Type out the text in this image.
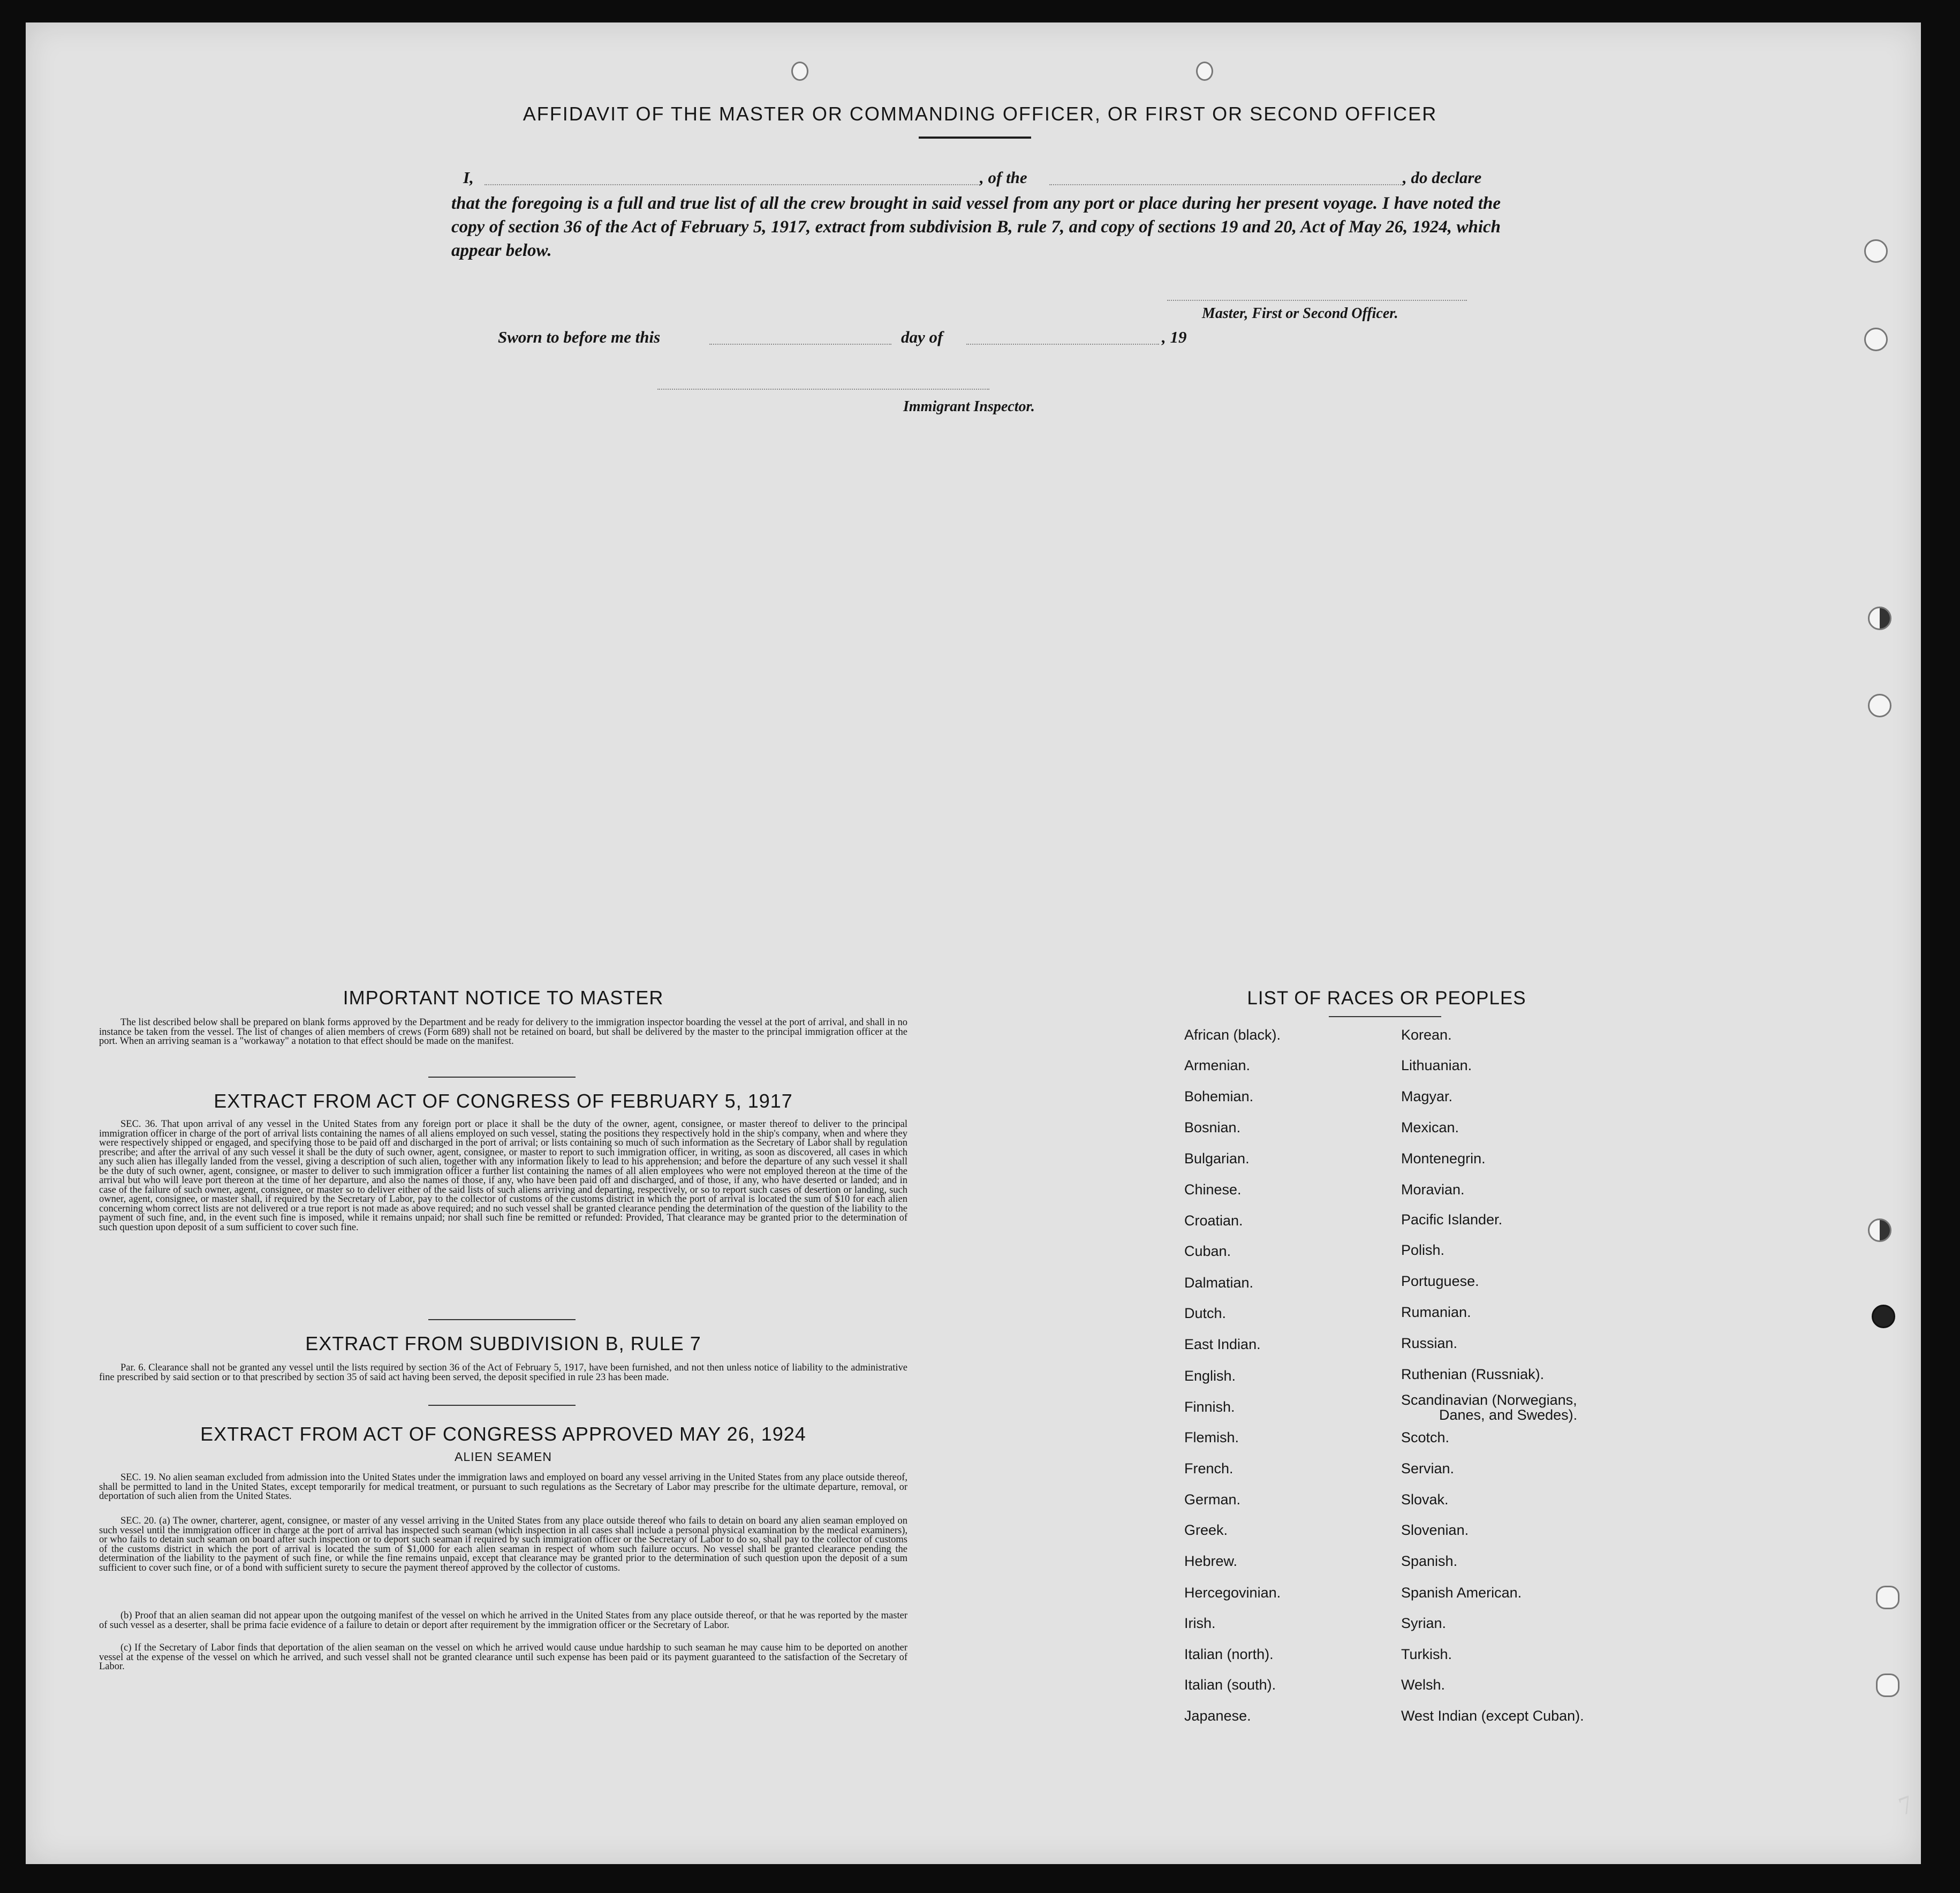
AFFIDAVIT OF THE MASTER OR COMMANDING OFFICER, OR FIRST OR SECOND OFFICER
I,	, of the	, do declare
that the foregoing is a full and true list of all the crew brought in said vessel from any port or place during her present voyage. I have noted the copy of section 36 of the Act of February 5, 1917, extract from subdivision B, rule 7, and copy of sections 19 and 20, Act of May 26, 1924, which appear below.
Master, First or Second Officer.
Sworn to before me this	day of	, 19
Immigrant Inspector.
IMPORTANT NOTICE TO MASTER
The list described below shall be prepared on blank forms approved by the Department and be ready for delivery to the immigration inspector boarding the vessel at the port of arrival, and shall in no instance be taken from the vessel. The list of changes of alien members of crews (Form 689) shall not be retained on board, but shall be delivered by the master to the principal immigration officer at the port. When an arriving seaman is a "workaway" a notation to that effect should be made on the manifest.
EXTRACT FROM ACT OF CONGRESS OF FEBRUARY 5, 1917
SEC. 36. That upon arrival of any vessel in the United States from any foreign port or place it shall be the duty of the owner, agent, consignee, or master thereof to deliver to the principal immigration officer in charge of the port of arrival lists containing the names of all aliens employed on such vessel, stating the positions they respectively hold in the ship's company, when and where they were respectively shipped or engaged, and specifying those to be paid off and discharged in the port of arrival; or lists containing so much of such information as the Secretary of Labor shall by regulation prescribe; and after the arrival of any such vessel it shall be the duty of such owner, agent, consignee, or master to report to such immigration officer, in writing, as soon as discovered, all cases in which any such alien has illegally landed from the vessel, giving a description of such alien, together with any information likely to lead to his apprehension; and before the departure of any such vessel it shall be the duty of such owner, agent, consignee, or master to deliver to such immigration officer a further list containing the names of all alien employees who were not employed thereon at the time of the arrival but who will leave port thereon at the time of her departure, and also the names of those, if any, who have been paid off and discharged, and of those, if any, who have deserted or landed; and in case of the failure of such owner, agent, consignee, or master so to deliver either of the said lists of such aliens arriving and departing, respectively, or so to report such cases of desertion or landing, such owner, agent, consignee, or master shall, if required by the Secretary of Labor, pay to the collector of customs of the customs district in which the port of arrival is located the sum of $10 for each alien concerning whom correct lists are not delivered or a true report is not made as above required; and no such vessel shall be granted clearance pending the determination of the question of the liability to the payment of such fine, and, in the event such fine is imposed, while it remains unpaid; nor shall such fine be remitted or refunded: Provided, That clearance may be granted prior to the determination of such question upon deposit of a sum sufficient to cover such fine.
EXTRACT FROM SUBDIVISION B, RULE 7
Par. 6. Clearance shall not be granted any vessel until the lists required by section 36 of the Act of February 5, 1917, have been furnished, and not then unless notice of liability to the administrative fine prescribed by said section or to that prescribed by section 35 of said act having been served, the deposit specified in rule 23 has been made.
EXTRACT FROM ACT OF CONGRESS APPROVED MAY 26, 1924
ALIEN SEAMEN
SEC. 19. No alien seaman excluded from admission into the United States under the immigration laws and employed on board any vessel arriving in the United States from any place outside thereof, shall be permitted to land in the United States, except temporarily for medical treatment, or pursuant to such regulations as the Secretary of Labor may prescribe for the ultimate departure, removal, or deportation of such alien from the United States.
SEC. 20. (a) The owner, charterer, agent, consignee, or master of any vessel arriving in the United States from any place outside thereof who fails to detain on board any alien seaman employed on such vessel until the immigration officer in charge at the port of arrival has inspected such seaman (which inspection in all cases shall include a personal physical examination by the medical examiners), or who fails to detain such seaman on board after such inspection or to deport such seaman if required by such immigration officer or the Secretary of Labor to do so, shall pay to the collector of customs of the customs district in which the port of arrival is located the sum of $1,000 for each alien seaman in respect of whom such failure occurs. No vessel shall be granted clearance pending the determination of the liability to the payment of such fine, or while the fine remains unpaid, except that clearance may be granted prior to the determination of such question upon the deposit of a sum sufficient to cover such fine, or of a bond with sufficient surety to secure the payment thereof approved by the collector of customs.
(b) Proof that an alien seaman did not appear upon the outgoing manifest of the vessel on which he arrived in the United States from any place outside thereof, or that he was reported by the master of such vessel as a deserter, shall be prima facie evidence of a failure to detain or deport after requirement by the immigration officer or the Secretary of Labor.
(c) If the Secretary of Labor finds that deportation of the alien seaman on the vessel on which he arrived would cause undue hardship to such seaman he may cause him to be deported on another vessel at the expense of the vessel on which he arrived, and such vessel shall not be granted clearance until such expense has been paid or its payment guaranteed to the satisfaction of the Secretary of Labor.
LIST OF RACES OR PEOPLES
African (black).
Armenian.
Bohemian.
Bosnian.
Bulgarian.
Chinese.
Croatian.
Cuban.
Dalmatian.
Dutch.
East Indian.
English.
Finnish.
Flemish.
French.
German.
Greek.
Hebrew.
Hercegovinian.
Irish.
Italian (north).
Italian (south).
Japanese.
Korean.
Lithuanian.
Magyar.
Mexican.
Montenegrin.
Moravian.
Pacific Islander.
Polish.
Portuguese.
Rumanian.
Russian.
Ruthenian (Russniak).
Scandinavian (Norwegians,
Danes, and Swedes).
Scotch.
Servian.
Slovak.
Slovenian.
Spanish.
Spanish American.
Syrian.
Turkish.
Welsh.
West Indian (except Cuban).
7
